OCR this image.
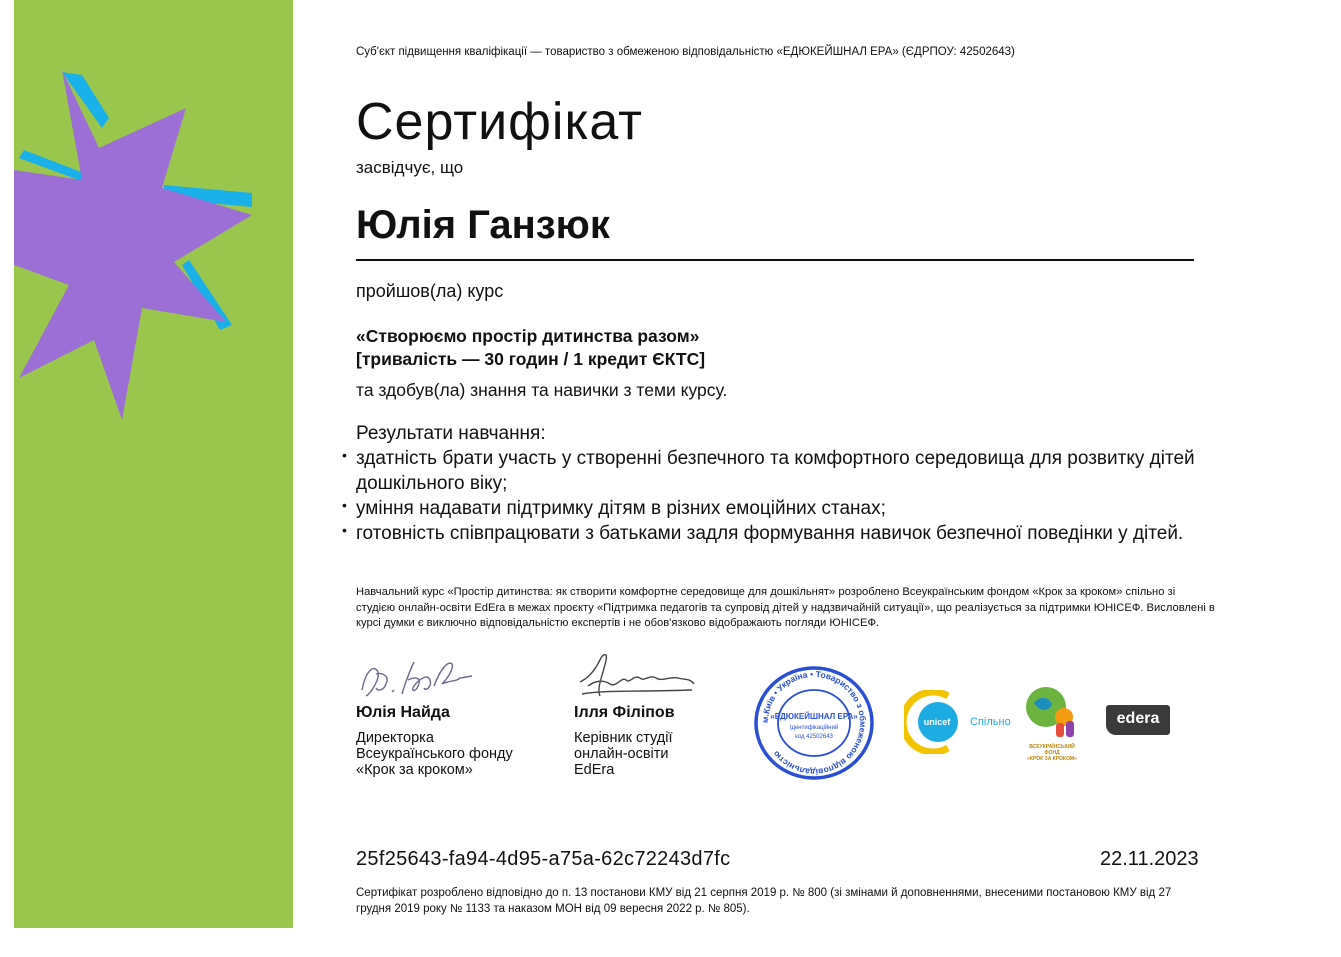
Суб'єкт підвищення кваліфікації — товариство з обмеженою відповідальністю «ЕДЮКЕЙШНАЛ ЕРА» (ЄДРПОУ: 42502643)
Сертифікат
засвідчує, що
Юлія Ганзюк
пройшов(ла) курс
«Створюємо простір дитинства разом»
[тривалість — 30 годин / 1 кредит ЄКТС]
та здобув(ла) знання та навички з теми курсу.
Результати навчання:
• здатність брати участь у створенні безпечного та комфортного середовища для розвитку дітей дошкільного віку;
• уміння надавати підтримку дітям в різних емоційних станах;
• готовність співпрацювати з батьками задля формування навичок безпечної поведінки у дітей.
Навчальний курс «Простір дитинства: як створити комфортне середовище для дошкільнят» розроблено Всеукраїнським фондом «Крок за кроком» спільно зі студією онлайн-освіти EdEra в межах проєкту «Підтримка педагогів та супровід дітей у надзвичайній ситуації», що реалізується за підтримки ЮНІСЕФ. Висловлені в курсі думки є виключно відповідальністю експертів і не обов'язково відображають погляди ЮНІСЕФ.
Юлія Найда
Директорка
Всеукраїнського фонду
«Крок за кроком»
Ілля Філіпов
Керівник студії
онлайн-освіти
EdEra
м.Київ • Україна • Товариство з обмеженою відповідальністю
«ЕДЮКЕЙШНАЛ ЕРА»
Ідентифікаційний
код 42502643
unicef Спільно
ВСЕУКРАЇНСЬКИЙ ФОНД
«КРОК ЗА КРОКОМ»
edera
25f25643-fa94-4d95-a75a-62c72243d7fc	22.11.2023
Сертифікат розроблено відповідно до п. 13 постанови КМУ від 21 серпня 2019 р. № 800 (зі змінами й доповненнями, внесеними постановою КМУ від 27 грудня 2019 року № 1133 та наказом МОН від 09 вересня 2022 р. № 805).
